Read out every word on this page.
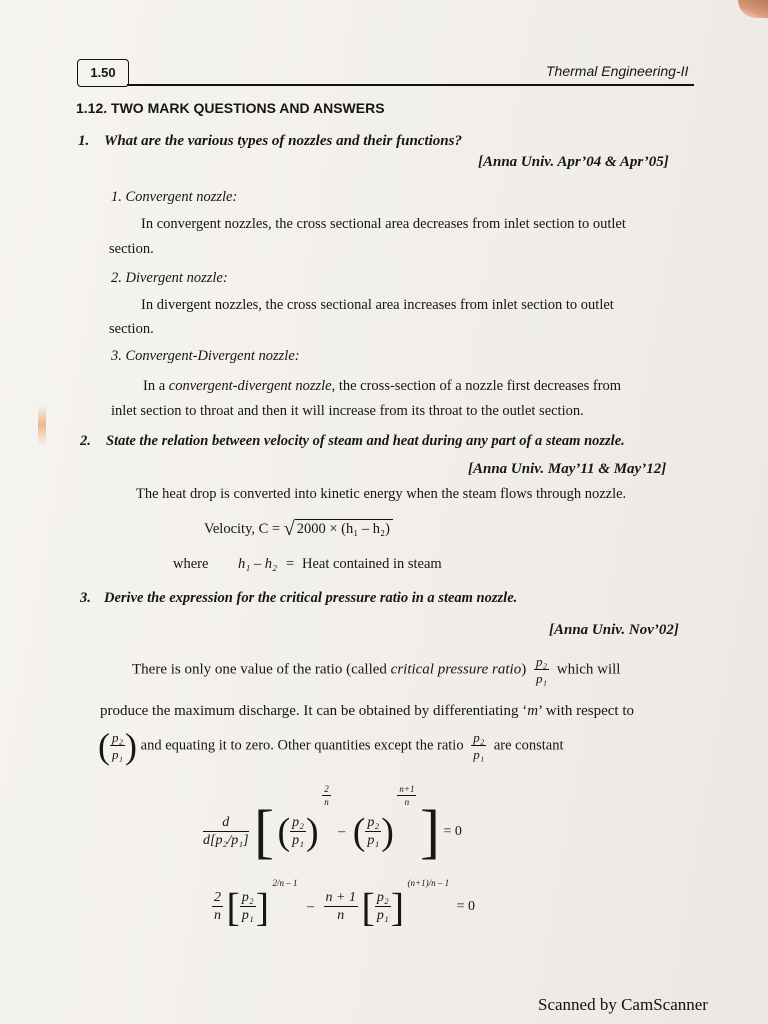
1.50	Thermal Engineering-II
1.12. TWO MARK QUESTIONS AND ANSWERS
1. What are the various types of nozzles and their functions?
[Anna Univ. Apr’04 & Apr’05]
1. Convergent nozzle:
In convergent nozzles, the cross sectional area decreases from inlet section to outlet
section.
2. Divergent nozzle:
In divergent nozzles, the cross sectional area increases from inlet section to outlet
section.
3. Convergent-Divergent nozzle:
In a convergent-divergent nozzle, the cross-section of a nozzle first decreases from
inlet section to throat and then it will increase from its throat to the outlet section.
2. State the relation between velocity of steam and heat during any part of a steam nozzle.
[Anna Univ. May’11 & May’12]
The heat drop is converted into kinetic energy when the steam flows through nozzle.
Velocity, C = √ 2000 × (h₁ – h₂)
where h₁ – h₂ = Heat contained in steam
3. Derive the expression for the critical pressure ratio in a steam nozzle.
[Anna Univ. Nov’02]
There is only one value of the ratio (called critical pressure ratio) $\frac{\text{p₂}}{\text{p₁}}$ which will
produce the maximum discharge. It can be obtained by differentiating ‘m’ with respect to
( $\frac{\text{p₂}}{\text{p₁}}$ ) and equating it to zero. Other quantities except the ratio $\frac{\text{p₂}}{\text{p₁}}$ are constant
$\frac{d}{\text{d[p₂/p₁]}}$ [ ( $\frac{\text{p₂}}{\text{p₁}}$ )
$\frac{2}{n}$
– ( $\frac{\text{p₂}}{\text{p₁}}$ )
$\frac{n+1}{n}$
] = 0
$\frac{2}{n}$ [ $\frac{\text{p₂}}{\text{p₁}}$ ] $^{2/n - 1} - \frac{n + 1}{n}$ [ $\frac{\text{p₂}}{\text{p₁}}$ ] $^{(n+1)/n - 1}$ = 0
Scanned by CamScanner
